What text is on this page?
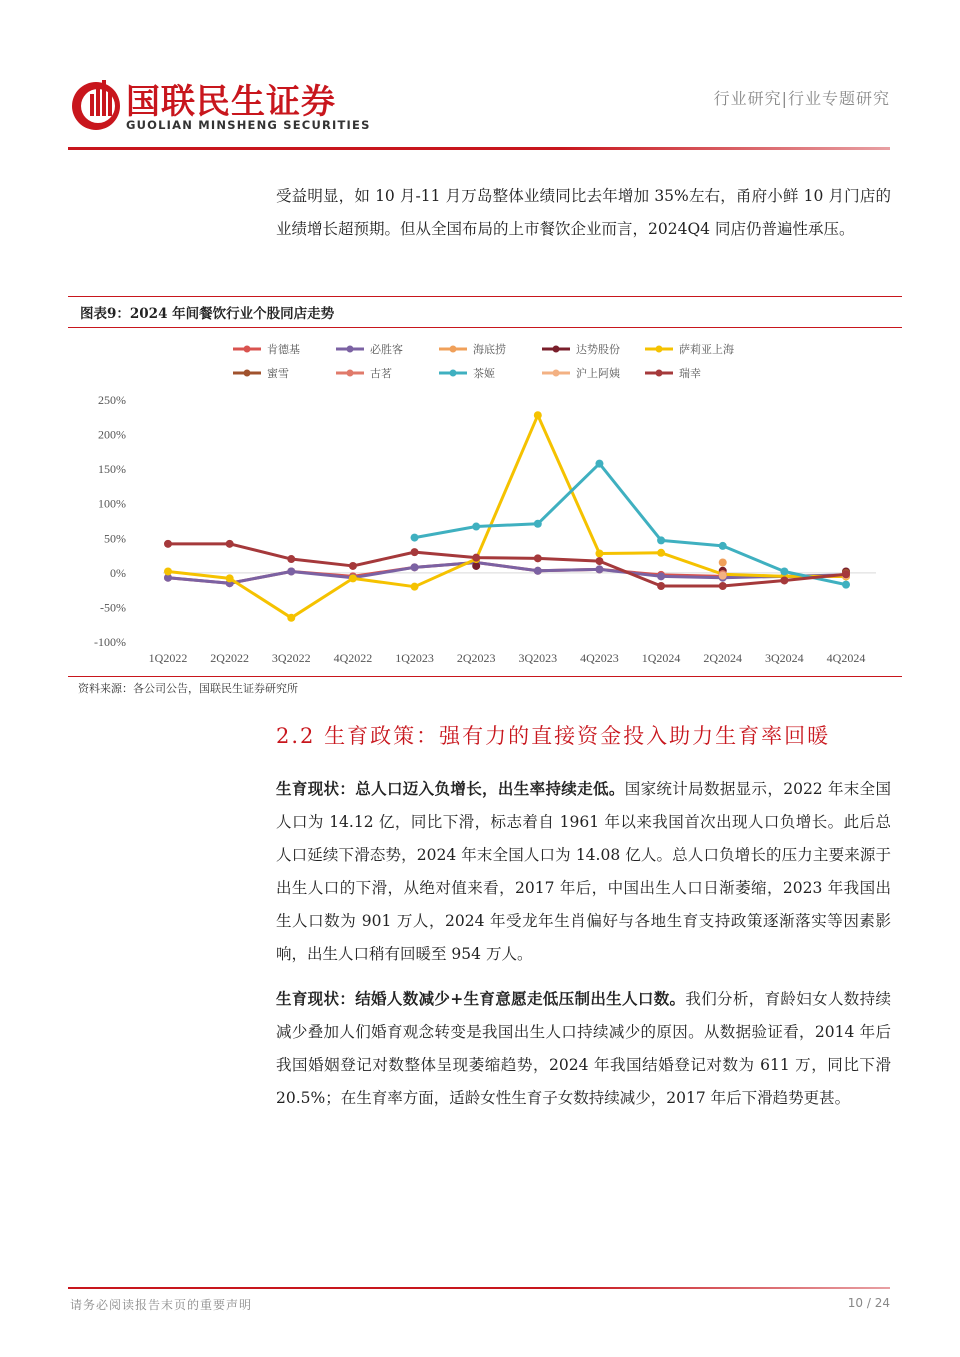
国联民生证券
GUOLIAN MINSHENG SECURITIES
行业研究|行业专题研究
受益明显，如 10 月-11 月万岛整体业绩同比去年增加 35%左右，甬府小鲜 10 月门店的业绩增长超预期。但从全国布局的上市餐饮企业而言，2024Q4 同店仍普遍性承压。
图表9：2024 年间餐饮行业个股同店走势
250%
200%
150%
100%
50%
0%
-50%
-100%
1Q2022 2Q2022 3Q2022 4Q2022 1Q2023 2Q2023 3Q2023 4Q2023 1Q2024 2Q2024 3Q2024 4Q2024
肯德基	必胜客	海底捞	达势股份	萨莉亚上海
蜜雪	古茗	茶姬	沪上阿姨	瑞幸
资料来源：各公司公告，国联民生证券研究所
2.2 生育政策：强有力的直接资金投入助力生育率回暖
生育现状：总人口迈入负增长，出生率持续走低。国家统计局数据显示，2022 年末全国人口为 14.12 亿，同比下滑，标志着自 1961 年以来我国首次出现人口负增长。此后总人口延续下滑态势，2024 年末全国人口为 14.08 亿人。总人口负增长的压力主要来源于出生人口的下滑，从绝对值来看，2017 年后，中国出生人口日渐萎缩，2023 年我国出生人口数为 901 万人，2024 年受龙年生肖偏好与各地生育支持政策逐渐落实等因素影响，出生人口稍有回暖至 954 万人。
生育现状：结婚人数减少+生育意愿走低压制出生人口数。我们分析，育龄妇女人数持续减少叠加人们婚育观念转变是我国出生人口持续减少的原因。从数据验证看，2014 年后我国婚姻登记对数整体呈现萎缩趋势，2024 年我国结婚登记对数为 611 万，同比下滑 20.5%；在生育率方面，适龄女性生育子女数持续减少，2017 年后下滑趋势更甚。
请务必阅读报告末页的重要声明	10 / 24
